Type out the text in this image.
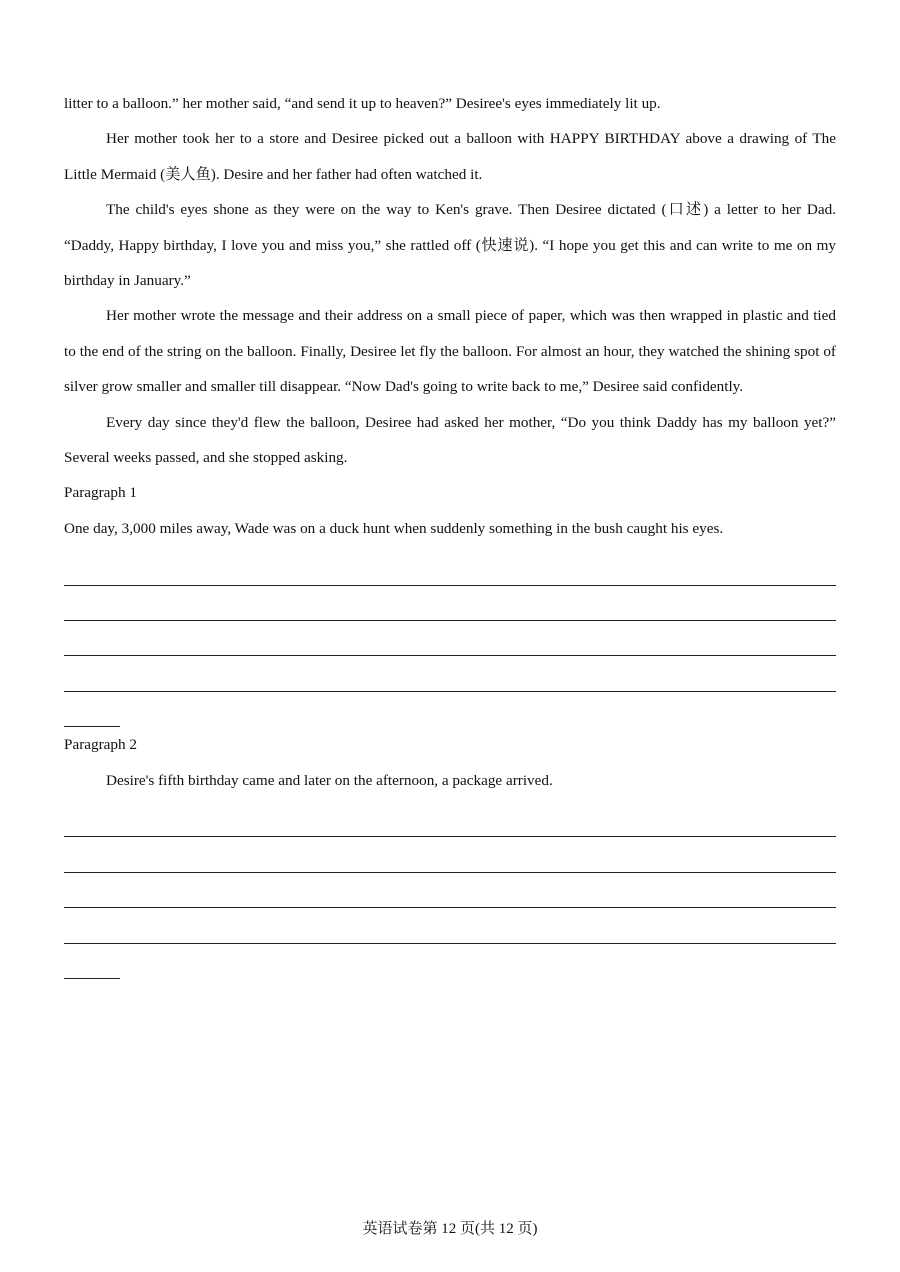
litter to a balloon.” her mother said, “and send it up to heaven?” Desiree's eyes immediately lit up.

Her mother took her to a store and Desiree picked out a balloon with HAPPY BIRTHDAY above a drawing of The Little Mermaid (美人鱼). Desire and her father had often watched it.

The child's eyes shone as they were on the way to Ken's grave. Then Desiree dictated (口述) a letter to her Dad. “Daddy, Happy birthday, I love you and miss you,” she rattled off (快速说). “I hope you get this and can write to me on my birthday in January.”

Her mother wrote the message and their address on a small piece of paper, which was then wrapped in plastic and tied to the end of the string on the balloon. Finally, Desiree let fly the balloon. For almost an hour, they watched the shining spot of silver grow smaller and smaller till disappear. “Now Dad's going to write back to me,” Desiree said confidently.

Every day since they'd flew the balloon, Desiree had asked her mother, “Do you think Daddy has my balloon yet?” Several weeks passed, and she stopped asking.

Paragraph 1

One day, 3,000 miles away, Wade was on a duck hunt when suddenly something in the bush caught his eyes.

Paragraph 2

Desire's fifth birthday came and later on the afternoon, a package arrived.

英语试卷第 12 页(共 12 页)
